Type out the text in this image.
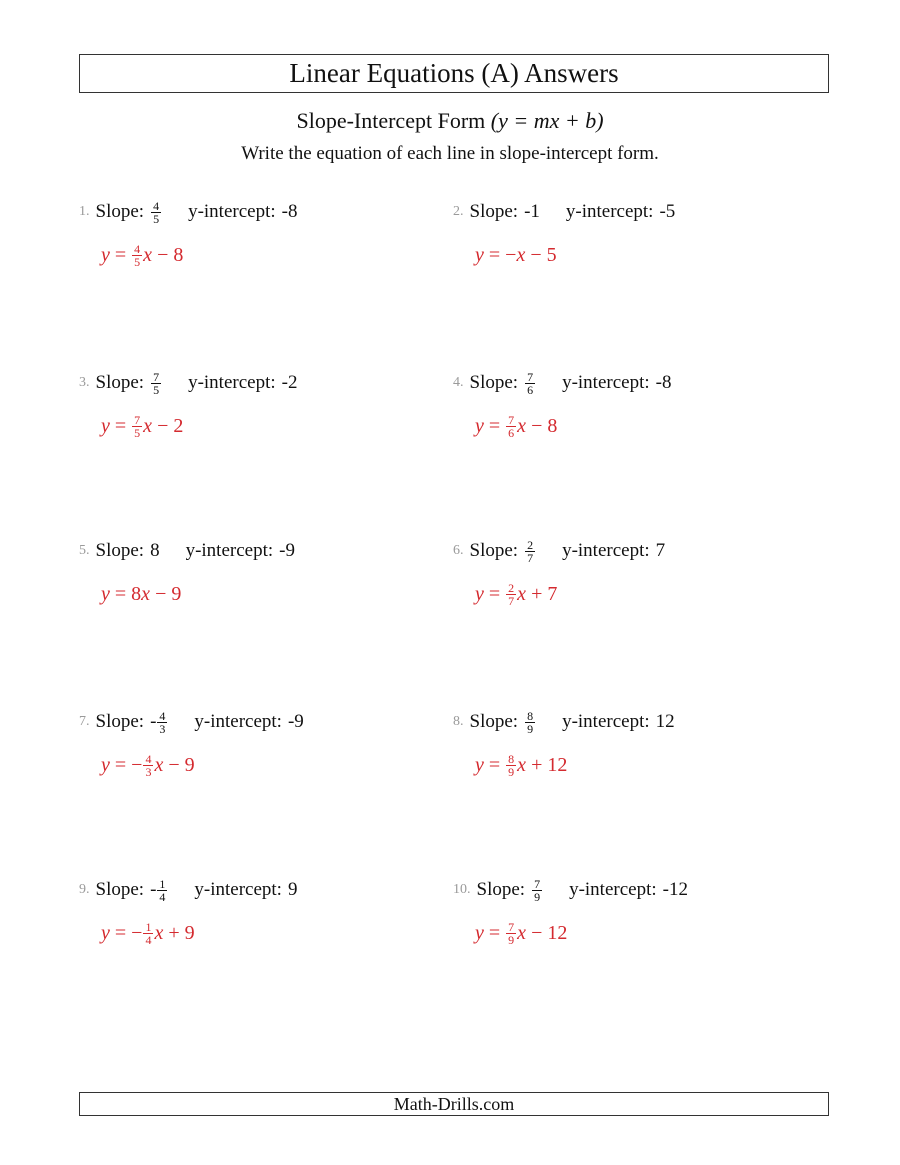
Linear Equations (A) Answers
Slope-Intercept Form (y = mx + b)
Write the equation of each line in slope-intercept form.
1. Slope: $\frac{4}{5}$ y-intercept: -8
$y = \frac{4}{5}$ x − 8
2. Slope: -1 y-intercept: -5
y = − x − 5
3. Slope: $\frac{7}{5}$ y-intercept: -2
$y = \frac{7}{5}$ x − 2
4. Slope: $\frac{7}{6}$ y-intercept: -8
$y = \frac{7}{6}$ x − 8
5. Slope: 8 y-intercept: -9
y = 8 x − 9
6. Slope: $\frac{2}{7}$ y-intercept: 7
$y = \frac{2}{7}$ x + 7
7. Slope: - $\frac{4}{3}$ y-intercept: -9
y = − $\frac{4}{3}$ x − 9
8. Slope: $\frac{8}{9}$ y-intercept: 12
$y = \frac{8}{9}$ x + 12
9. Slope: - $\frac{1}{4}$ y-intercept: 9
y = − $\frac{1}{4}$ x + 9
10. Slope: $\frac{7}{9}$ y-intercept: -12
$y = \frac{7}{9}$ x − 12
Math-Drills.com
